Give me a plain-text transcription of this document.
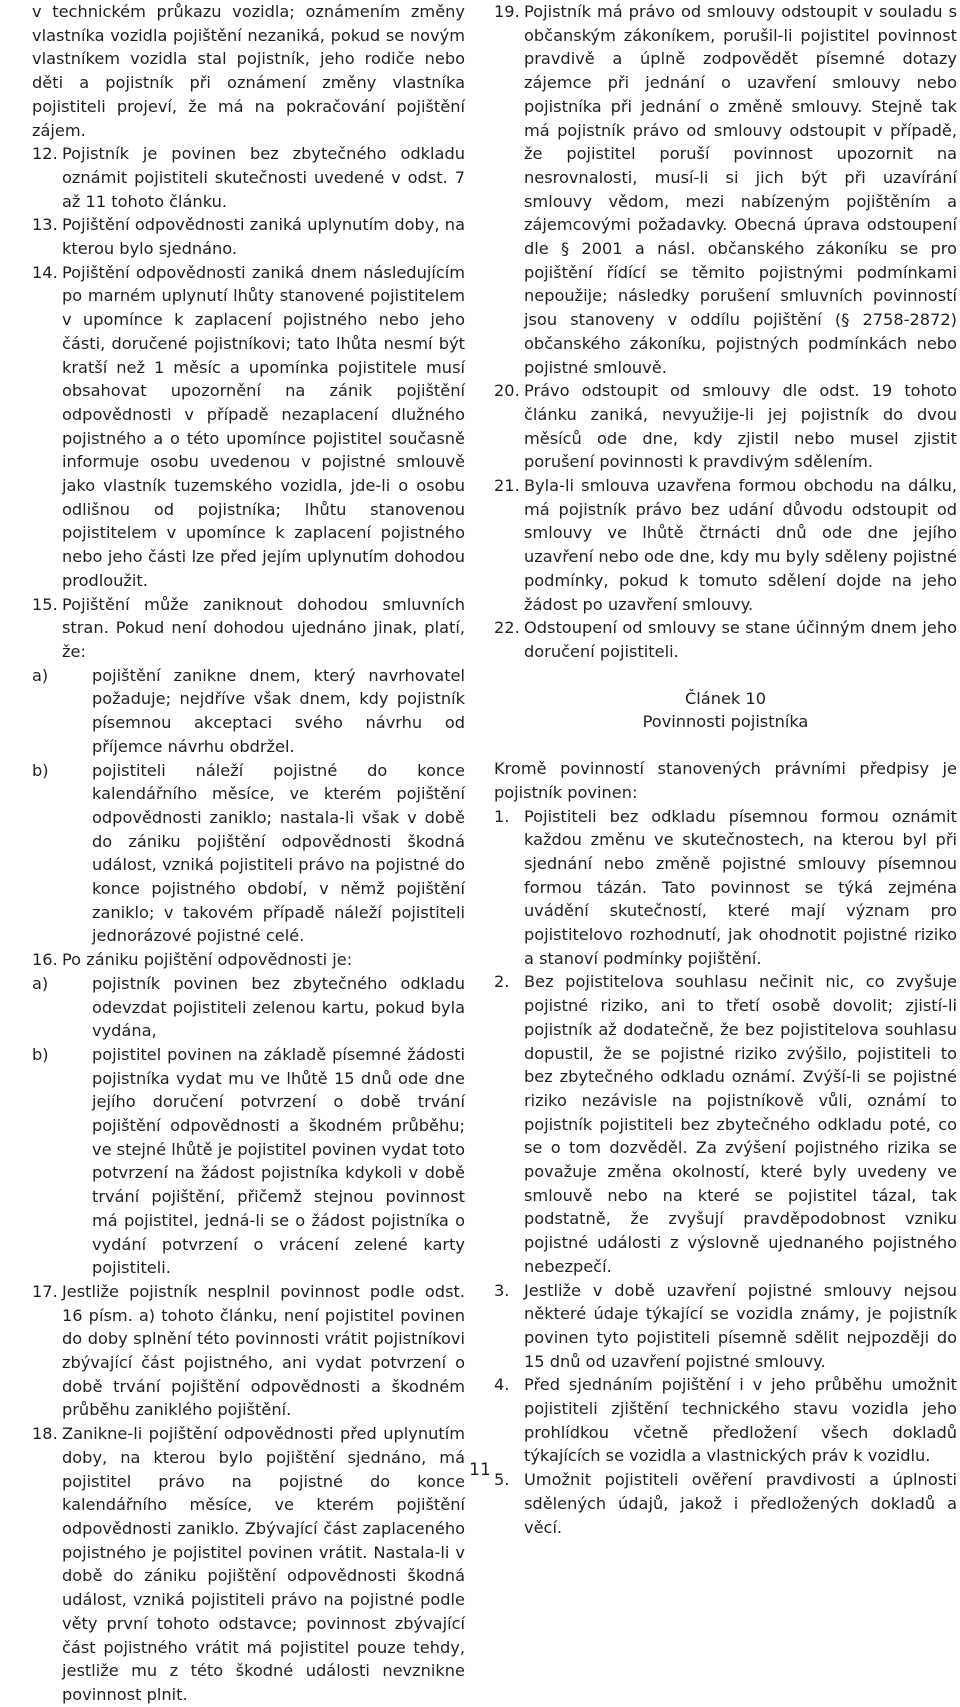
v technickém průkazu vozidla; oznámením změny vlastníka vozidla pojištění nezaniká, pokud se novým vlastníkem vozidla stal pojistník, jeho rodiče nebo děti a pojistník při oznámení změny vlastníka pojistiteli projeví, že má na pokračování pojištění zájem.

12. Pojistník je povinen bez zbytečného odkladu oznámit pojistiteli skutečnosti uvedené v odst. 7 až 11 tohoto článku.
13. Pojištění odpovědnosti zaniká uplynutím doby, na kterou bylo sjednáno.
14. Pojištění odpovědnosti zaniká dnem následujícím po marném uplynutí lhůty stanovené pojistitelem v upomínce k zaplacení pojistného nebo jeho části, doručené pojistníkovi; tato lhůta nesmí být kratší než 1 měsíc a upomínka pojistitele musí obsahovat upozornění na zánik pojištění odpovědnosti v případě nezaplacení dlužného pojistného a o této upomínce pojistitel současně informuje osobu uvedenou v pojistné smlouvě jako vlastník tuzemského vozidla, jde-li o osobu odlišnou od pojistníka; lhůtu stanovenou pojistitelem v upomínce k zaplacení pojistného nebo jeho části lze před jejím uplynutím dohodou prodloužit.
15. Pojištění může zaniknout dohodou smluvních stran. Pokud není dohodou ujednáno jinak, platí, že:
a)	pojištění zanikne dnem, který navrhovatel požaduje; nejdříve však dnem, kdy pojistník písemnou akceptaci svého návrhu od příjemce návrhu obdržel.
b)	pojistiteli náleží pojistné do konce kalendářního měsíce, ve kterém pojištění odpovědnosti zaniklo; nastala-li však v době do zániku pojištění odpovědnosti škodná událost, vzniká pojistiteli právo na pojistné do konce pojistného období, v němž pojištění zaniklo; v takovém případě náleží pojistiteli jednorázové pojistné celé.
16. Po zániku pojištění odpovědnosti je:
a)	pojistník povinen bez zbytečného odkladu odevzdat pojistiteli zelenou kartu, pokud byla vydána,
b)	pojistitel povinen na základě písemné žádosti pojistníka vydat mu ve lhůtě 15 dnů ode dne jejího doručení potvrzení o době trvání pojištění odpovědnosti a škodném průběhu; ve stejné lhůtě je pojistitel povinen vydat toto potvrzení na žádost pojistníka kdykoli v době trvání pojištění, přičemž stejnou povinnost má pojistitel, jedná-li se o žádost pojistníka o vydání potvrzení o vrácení zelené karty pojistiteli.
17. Jestliže pojistník nesplnil povinnost podle odst. 16 písm. a) tohoto článku, není pojistitel povinen do doby splnění této povinnosti vrátit pojistníkovi zbývající část pojistného, ani vydat potvrzení o době trvání pojištění odpovědnosti a škodném průběhu zaniklého pojištění.
18. Zanikne-li pojištění odpovědnosti před uplynutím doby, na kterou bylo pojištění sjednáno, má pojistitel právo na pojistné do konce kalendářního měsíce, ve kterém pojištění odpovědnosti zaniklo. Zbývající část zaplaceného pojistného je pojistitel povinen vrátit. Nastala-li v době do zániku pojištění odpovědnosti škodná událost, vzniká pojistiteli právo na pojistné podle věty první tohoto odstavce; povinnost zbývající část pojistného vrátit má pojistitel pouze tehdy, jestliže mu z této škodné události nevznikne povinnost plnit.
19. Pojistník má právo od smlouvy odstoupit v souladu s občanským zákoníkem, porušil-li pojistitel povinnost pravdivě a úplně zodpovědět písemné dotazy zájemce při jednání o uzavření smlouvy nebo pojistníka při jednání o změně smlouvy. Stejně tak má pojistník právo od smlouvy odstoupit v případě, že pojistitel poruší povinnost upozornit na nesrovnalosti, musí-li si jich být při uzavírání smlouvy vědom, mezi nabízeným pojištěním a zájemcovými požadavky. Obecná úprava odstoupení dle § 2001 a násl. občanského zákoníku se pro pojištění řídící se těmito pojistnými podmínkami nepoužije; následky porušení smluvních povinností jsou stanoveny v oddílu pojištění (§ 2758-2872) občanského zákoníku, pojistných podmínkách nebo pojistné smlouvě.
20. Právo odstoupit od smlouvy dle odst. 19 tohoto článku zaniká, nevyužije-li jej pojistník do dvou měsíců ode dne, kdy zjistil nebo musel zjistit porušení povinnosti k pravdivým sdělením.
21. Byla-li smlouva uzavřena formou obchodu na dálku, má pojistník právo bez udání důvodu odstoupit od smlouvy ve lhůtě čtrnácti dnů ode dne jejího uzavření nebo ode dne, kdy mu byly sděleny pojistné podmínky, pokud k tomuto sdělení dojde na jeho žádost po uzavření smlouvy.
22. Odstoupení od smlouvy se stane účinným dnem jeho doručení pojistiteli.

Článek 10

Povinnosti pojistníka

Kromě povinností stanovených právními předpisy je pojistník povinen:

1. Pojistiteli bez odkladu písemnou formou oznámit každou změnu ve skutečnostech, na kterou byl při sjednání nebo změně pojistné smlouvy písemnou formou tázán. Tato povinnost se týká zejména uvádění skutečností, které mají význam pro pojistitelovo rozhodnutí, jak ohodnotit pojistné riziko a stanoví podmínky pojištění.
2. Bez pojistitelova souhlasu nečinit nic, co zvyšuje pojistné riziko, ani to třetí osobě dovolit; zjistí-li pojistník až dodatečně, že bez pojistitelova souhlasu dopustil, že se pojistné riziko zvýšilo, pojistiteli to bez zbytečného odkladu oznámí. Zvýší-li se pojistné riziko nezávisle na pojistníkově vůli, oznámí to pojistník pojistiteli bez zbytečného odkladu poté, co se o tom dozvěděl. Za zvýšení pojistného rizika se považuje změna okolností, které byly uvedeny ve smlouvě nebo na které se pojistitel tázal, tak podstatně, že zvyšují pravděpodobnost vzniku pojistné události z výslovně ujednaného pojistného nebezpečí.
3. Jestliže v době uzavření pojistné smlouvy nejsou některé údaje týkající se vozidla známy, je pojistník povinen tyto pojistiteli písemně sdělit nejpozději do 15 dnů od uzavření pojistné smlouvy.
4. Před sjednáním pojištění i v jeho průběhu umožnit pojistiteli zjištění technického stavu vozidla jeho prohlídkou včetně předložení všech dokladů týkajících se vozidla a vlastnických práv k vozidlu.
5. Umožnit pojistiteli ověření pravdivosti a úplnosti sdělených údajů, jakož i předložených dokladů a věcí.
11
